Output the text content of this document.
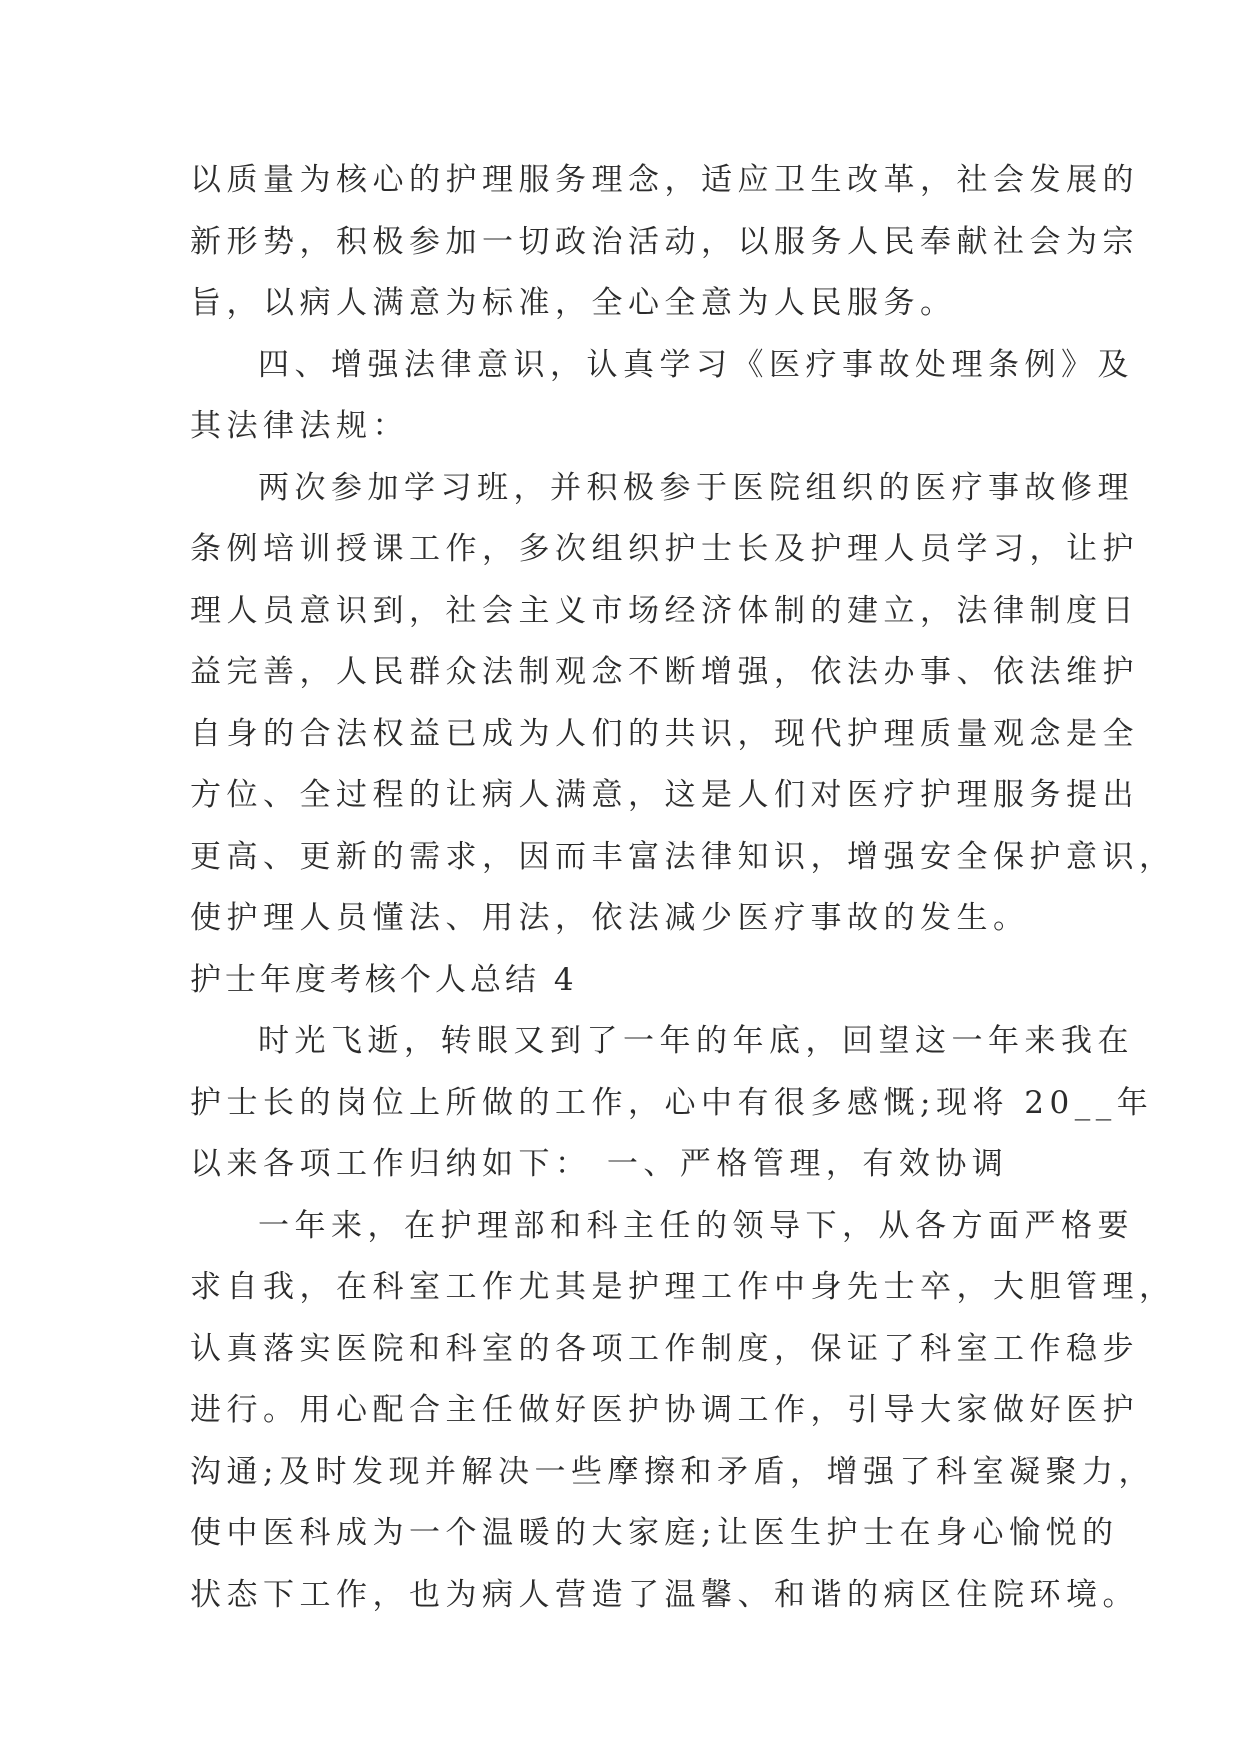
以质量为核心的护理服务理念，适应卫生改革，社会发展的
新形势，积极参加一切政治活动，以服务人民奉献社会为宗
旨，以病人满意为标准，全心全意为人民服务。
四、增强法律意识，认真学习《医疗事故处理条例》及
其法律法规：
两次参加学习班，并积极参于医院组织的医疗事故修理
条例培训授课工作，多次组织护士长及护理人员学习，让护
理人员意识到，社会主义市场经济体制的建立，法律制度日
益完善，人民群众法制观念不断增强，依法办事、依法维护
自身的合法权益已成为人们的共识，现代护理质量观念是全
方位、全过程的让病人满意，这是人们对医疗护理服务提出
更高、更新的需求，因而丰富法律知识，增强安全保护意识，
使护理人员懂法、用法，依法减少医疗事故的发生。
护士年度考核个人总结 4
时光飞逝，转眼又到了一年的年底，回望这一年来我在
护士长的岗位上所做的工作，心中有很多感慨;现将 20__年
以来各项工作归纳如下： 一、严格管理，有效协调
一年来，在护理部和科主任的领导下，从各方面严格要
求自我，在科室工作尤其是护理工作中身先士卒，大胆管理，
认真落实医院和科室的各项工作制度，保证了科室工作稳步
进行。用心配合主任做好医护协调工作，引导大家做好医护
沟通;及时发现并解决一些摩擦和矛盾，增强了科室凝聚力，
使中医科成为一个温暖的大家庭;让医生护士在身心愉悦的
状态下工作，也为病人营造了温馨、和谐的病区住院环境。
